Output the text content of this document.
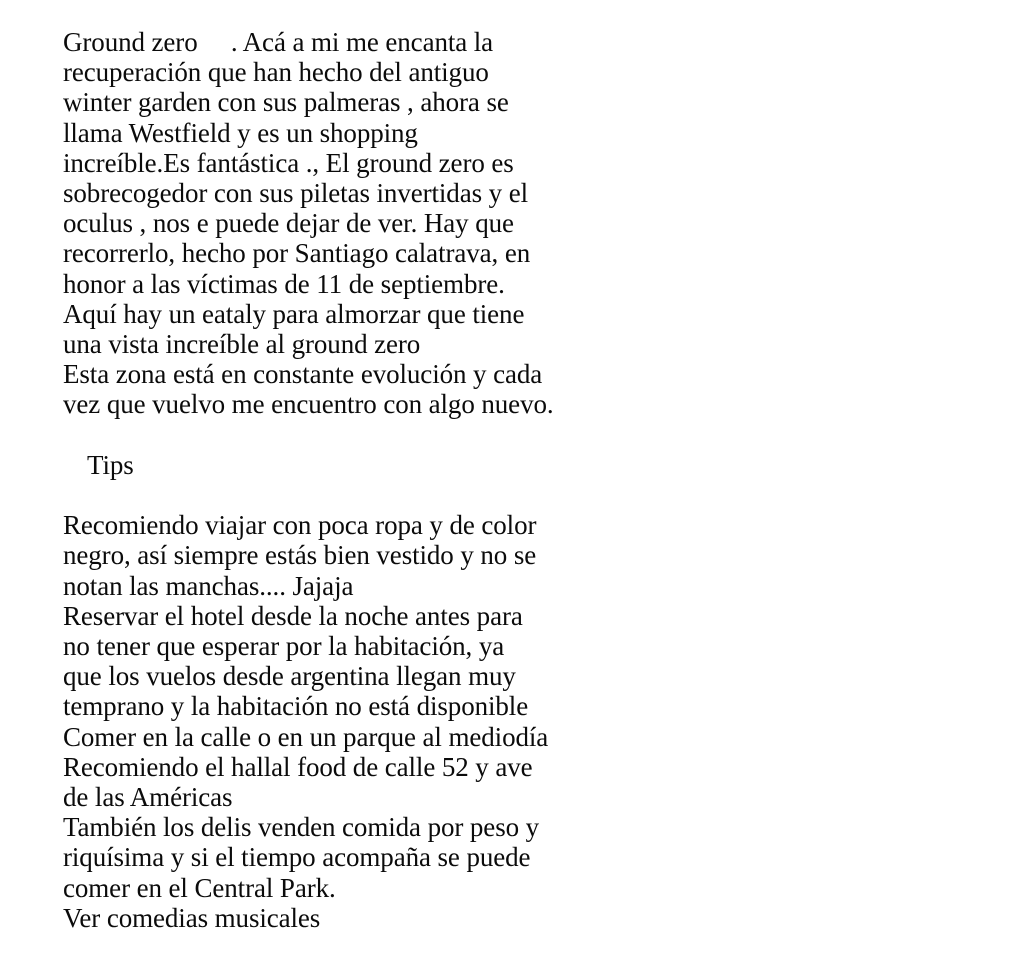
Ground zero     . Acá a mi me encanta la
recuperación que han hecho del antiguo
winter garden con sus palmeras , ahora se
llama Westfield y es un shopping
increíble.Es fantástica ., El ground zero es
sobrecogedor con sus piletas invertidas y el
oculus , nos e puede dejar de ver. Hay que
recorrerlo, hecho por Santiago calatrava, en
honor a las víctimas de 11 de septiembre.
Aquí hay un eataly para almorzar que tiene
una vista increíble al ground zero
Esta zona está en constante evolución y cada
vez que vuelvo me encuentro con algo nuevo.
Tips
Recomiendo viajar con poca ropa y de color
negro, así siempre estás bien vestido y no se
notan las manchas.... Jajaja
Reservar el hotel desde la noche antes para
no tener que esperar por la habitación, ya
que los vuelos desde argentina llegan muy
temprano y la habitación no está disponible
Comer en la calle o en un parque al mediodía
Recomiendo el hallal food de calle 52 y ave
de las Américas
También los delis venden comida por peso y
riquísima y si el tiempo acompaña se puede
comer en el Central Park.
Ver comedias musicales
